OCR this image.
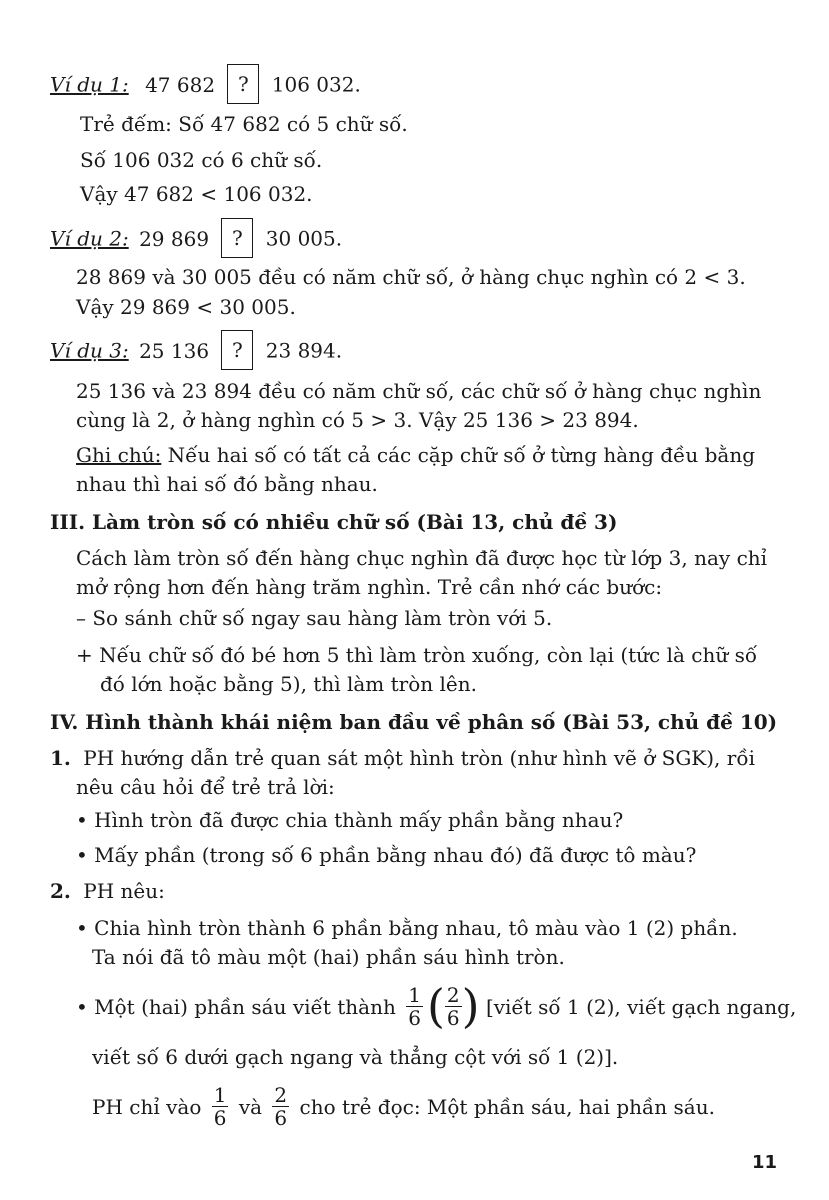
Ví dụ 1: 47 682 ? 106 032.
Trẻ đếm: Số 47 682 có 5 chữ số.
Số 106 032 có 6 chữ số.
Vậy 47 682 < 106 032.
Ví dụ 2: 29 869 ? 30 005.
28 869 và 30 005 đều có năm chữ số, ở hàng chục nghìn có 2 < 3.
Vậy 29 869 < 30 005.
Ví dụ 3: 25 136 ? 23 894.
25 136 và 23 894 đều có năm chữ số, các chữ số ở hàng chục nghìn
cùng là 2, ở hàng nghìn có 5 > 3. Vậy 25 136 > 23 894.
Ghi chú: Nếu hai số có tất cả các cặp chữ số ở từng hàng đều bằng
nhau thì hai số đó bằng nhau.
III. Làm tròn số có nhiều chữ số (Bài 13, chủ đề 3)
Cách làm tròn số đến hàng chục nghìn đã được học từ lớp 3, nay chỉ
mở rộng hơn đến hàng trăm nghìn. Trẻ cần nhớ các bước:
– So sánh chữ số ngay sau hàng làm tròn với 5.
+ Nếu chữ số đó bé hơn 5 thì làm tròn xuống, còn lại (tức là chữ số
đó lớn hoặc bằng 5), thì làm tròn lên.
IV. Hình thành khái niệm ban đầu về phân số (Bài 53, chủ đề 10)
1. PH hướng dẫn trẻ quan sát một hình tròn (như hình vẽ ở SGK), rồi
nêu câu hỏi để trẻ trả lời:
• Hình tròn đã được chia thành mấy phần bằng nhau?
• Mấy phần (trong số 6 phần bằng nhau đó) đã được tô màu?
2. PH nêu:
• Chia hình tròn thành 6 phần bằng nhau, tô màu vào 1 (2) phần.
Ta nói đã tô màu một (hai) phần sáu hình tròn.
• Một (hai) phần sáu viết thành $\frac{1}{6}$ ( $\frac{2}{6}$ ) [viết số 1 (2), viết gạch ngang,
viết số 6 dưới gạch ngang và thẳng cột với số 1 (2)].
PH chỉ vào $\frac{1}{6}$ và $\frac{2}{6}$ cho trẻ đọc: Một phần sáu, hai phần sáu.
11
